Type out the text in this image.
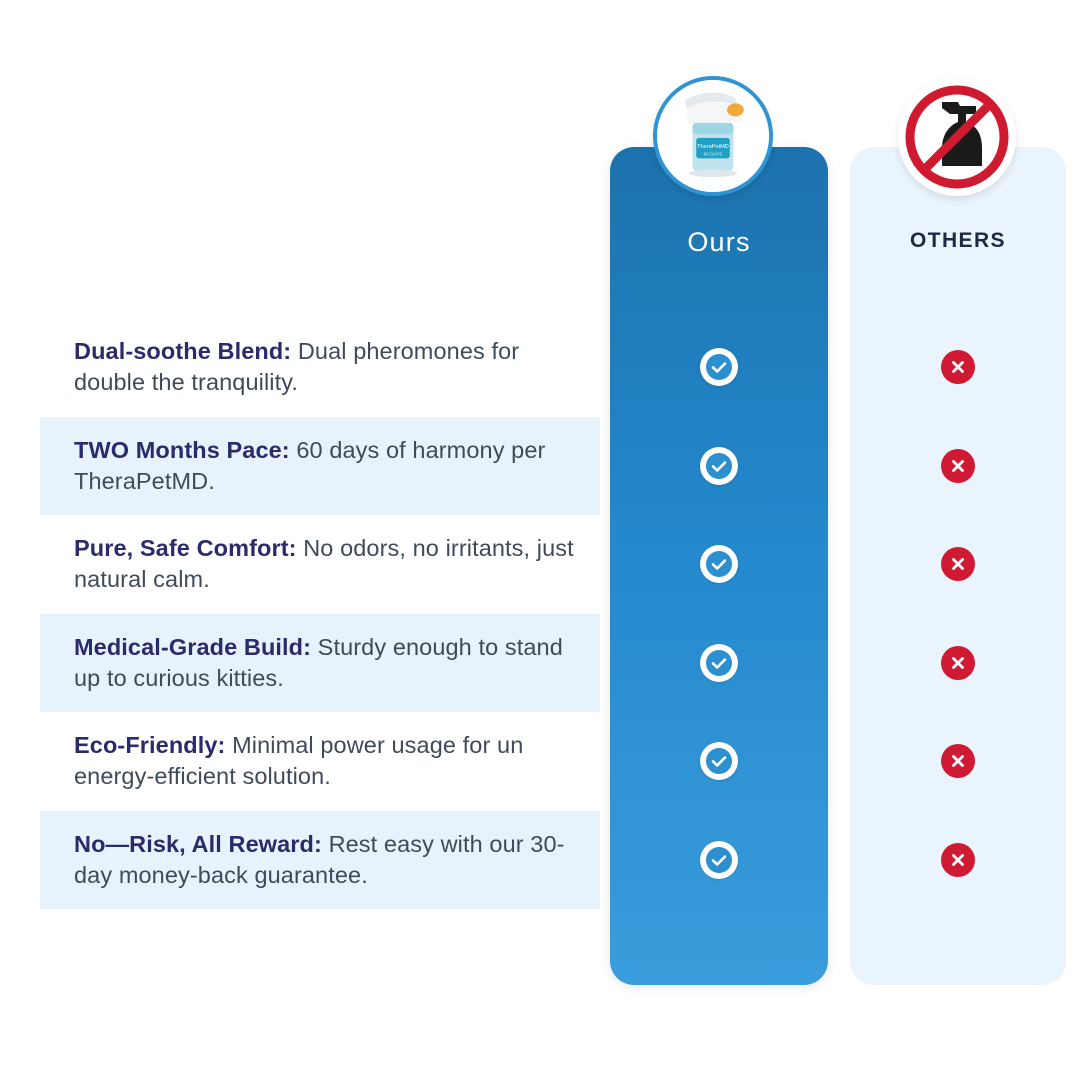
Ours	OTHERS
TheraPetMD
60 DAYS
Dual-soothe Blend: Dual pheromones for double the tranquility.
TWO Months Pace: 60 days of harmony per TheraPetMD.
Pure, Safe Comfort: No odors, no irritants, just natural calm.
Medical-Grade Build: Sturdy enough to stand up to curious kitties.
Eco-Friendly: Minimal power usage for un energy-efficient solution.
No—Risk, All Reward: Rest easy with our 30-day money-back guarantee.
